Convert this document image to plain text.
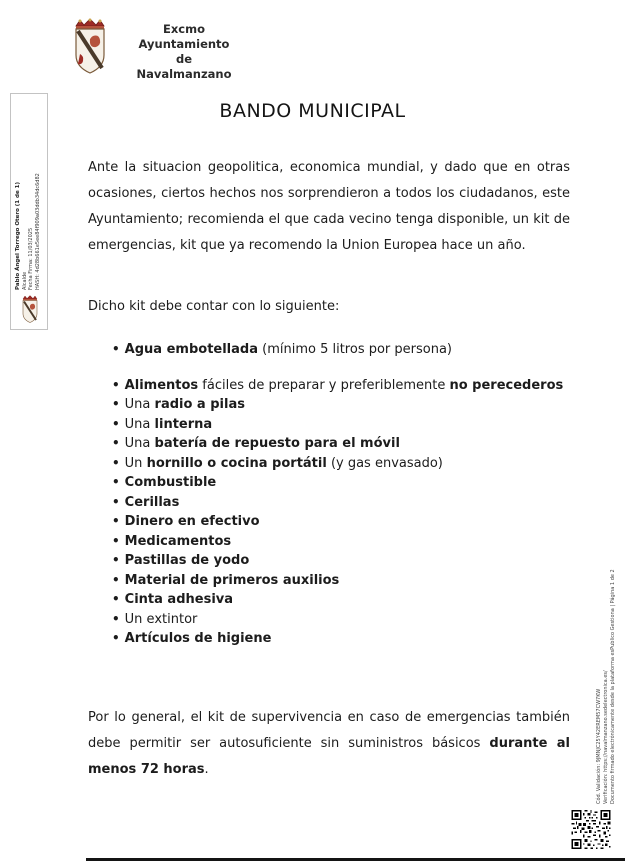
Excmo Ayuntamiento
de
Navalmanzano
BANDO MUNICIPAL

Ante la situacion geopolitica, economica mundial, y dado que en otras ocasiones, ciertos hechos nos sorprendieron a todos los ciudadanos, este Ayuntamiento; recomienda el que cada vecino tenga disponible, un kit de emergencias, kit que ya recomendo la Union Europea hace un año.

Dicho kit debe contar con lo siguiente:

• Agua embotellada (mínimo 5 litros por persona)
• Alimentos fáciles de preparar y preferiblemente no perecederos
• Una radio a pilas
• Una linterna
• Una batería de repuesto para el móvil
• Un hornillo o cocina portátil (y gas envasado)
• Combustible
• Cerillas
• Dinero en efectivo
• Medicamentos
• Pastillas de yodo
• Material de primeros auxilios
• Cinta adhesiva
• Un extintor
• Artículos de higiene

Por lo general, el kit de supervivencia en caso de emergencias también debe permitir ser autosuficiente sin suministros básicos durante al menos 72 horas.

Pablo Ángel Torrego Otero (1 de 1) Alcalde Fecha Firma: 11/03/2025 HASH: 4d28b661e5ee84f909a03ddb34dc6d82
Cód. Validación: 9JMNJC25Y42EREM57CW7KW Verificación: https://navalmanzano.sedelectronica.es/ Documento firmado electrónicamente desde la plataforma esPublico Gestiona | Página 1 de 2
